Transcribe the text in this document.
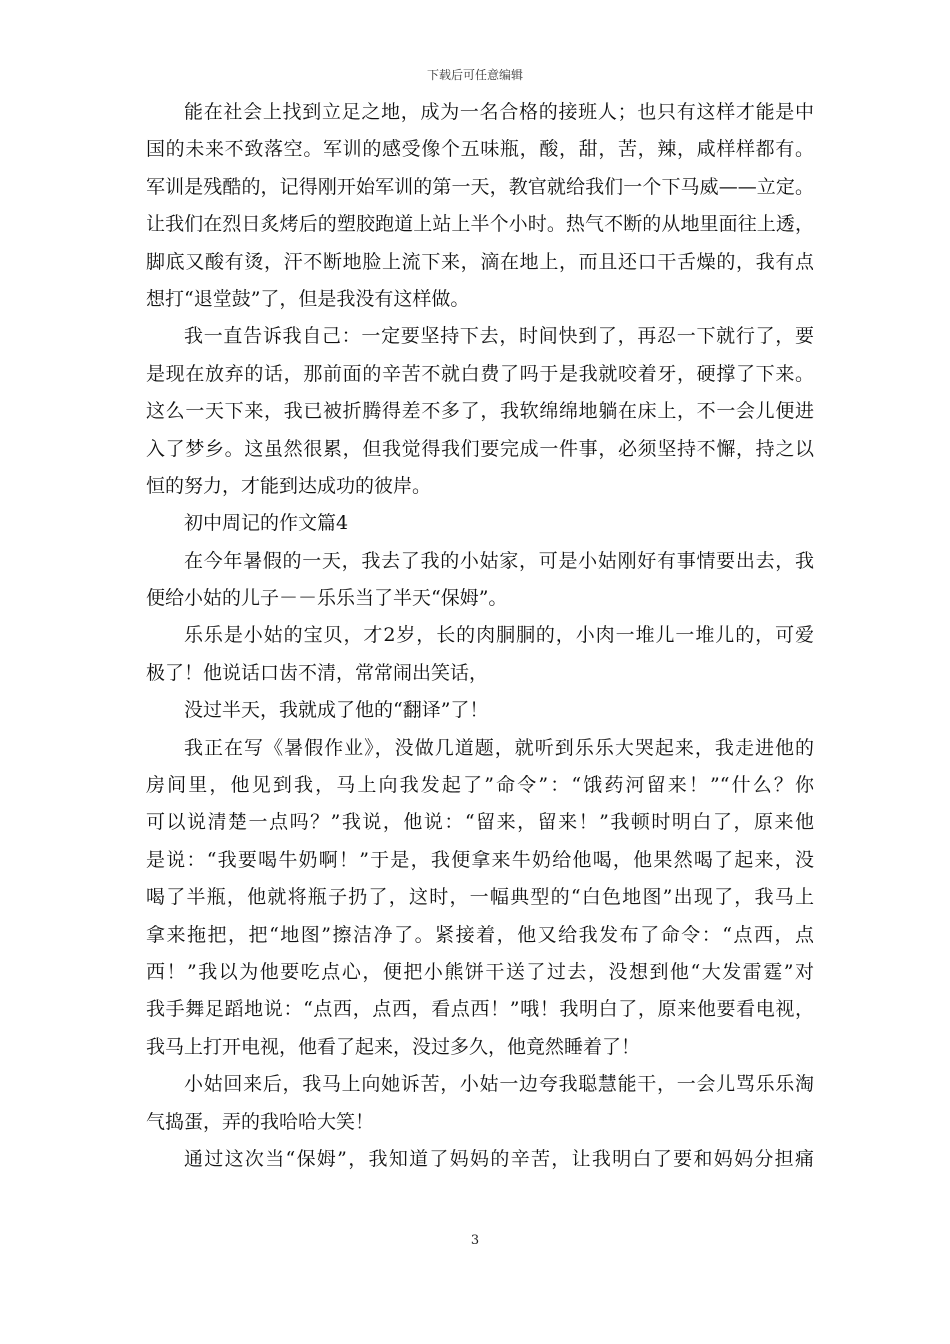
下载后可任意编辑
能在社会上找到立足之地，成为一名合格的接班人；也只有这样才能是中
国的未来不致落空。军训的感受像个五味瓶，酸，甜，苦，辣，咸样样都有。
军训是残酷的，记得刚开始军训的第一天，教官就给我们一个下马威——立定。
让我们在烈日炙烤后的塑胶跑道上站上半个小时。热气不断的从地里面往上透，
脚底又酸有烫，汗不断地脸上流下来，滴在地上，而且还口干舌燥的，我有点
想打“退堂鼓”了，但是我没有这样做。
我一直告诉我自己：一定要坚持下去，时间快到了，再忍一下就行了，要
是现在放弃的话，那前面的辛苦不就白费了吗于是我就咬着牙，硬撑了下来。
这么一天下来，我已被折腾得差不多了，我软绵绵地躺在床上，不一会儿便进
入了梦乡。这虽然很累，但我觉得我们要完成一件事，必须坚持不懈，持之以
恒的努力，才能到达成功的彼岸。
初中周记的作文篇4
在今年暑假的一天，我去了我的小姑家，可是小姑刚好有事情要出去，我
便给小姑的儿子－－乐乐当了半天“保姆”。
乐乐是小姑的宝贝，才2岁，长的肉胴胴的，小肉一堆儿一堆儿的，可爱
极了！他说话口齿不清，常常闹出笑话，
没过半天，我就成了他的“翻译”了！
我正在写《暑假作业》，没做几道题，就听到乐乐大哭起来，我走进他的
房间里，他见到我，马上向我发起了”命令”：“饿药河留来！”“什么？你
可以说清楚一点吗？”我说，他说：“留来，留来！”我顿时明白了，原来他
是说：“我要喝牛奶啊！”于是，我便拿来牛奶给他喝，他果然喝了起来，没
喝了半瓶，他就将瓶子扔了，这时，一幅典型的“白色地图”出现了，我马上
拿来拖把，把“地图”擦洁净了。紧接着，他又给我发布了命令：“点西，点
西！”我以为他要吃点心，便把小熊饼干送了过去，没想到他“大发雷霆”对
我手舞足蹈地说：“点西，点西，看点西！”哦！我明白了，原来他要看电视，
我马上打开电视，他看了起来，没过多久，他竟然睡着了！
小姑回来后，我马上向她诉苦，小姑一边夸我聪慧能干，一会儿骂乐乐淘
气捣蛋，弄的我哈哈大笑！
通过这次当“保姆”，我知道了妈妈的辛苦，让我明白了要和妈妈分担痛
3
